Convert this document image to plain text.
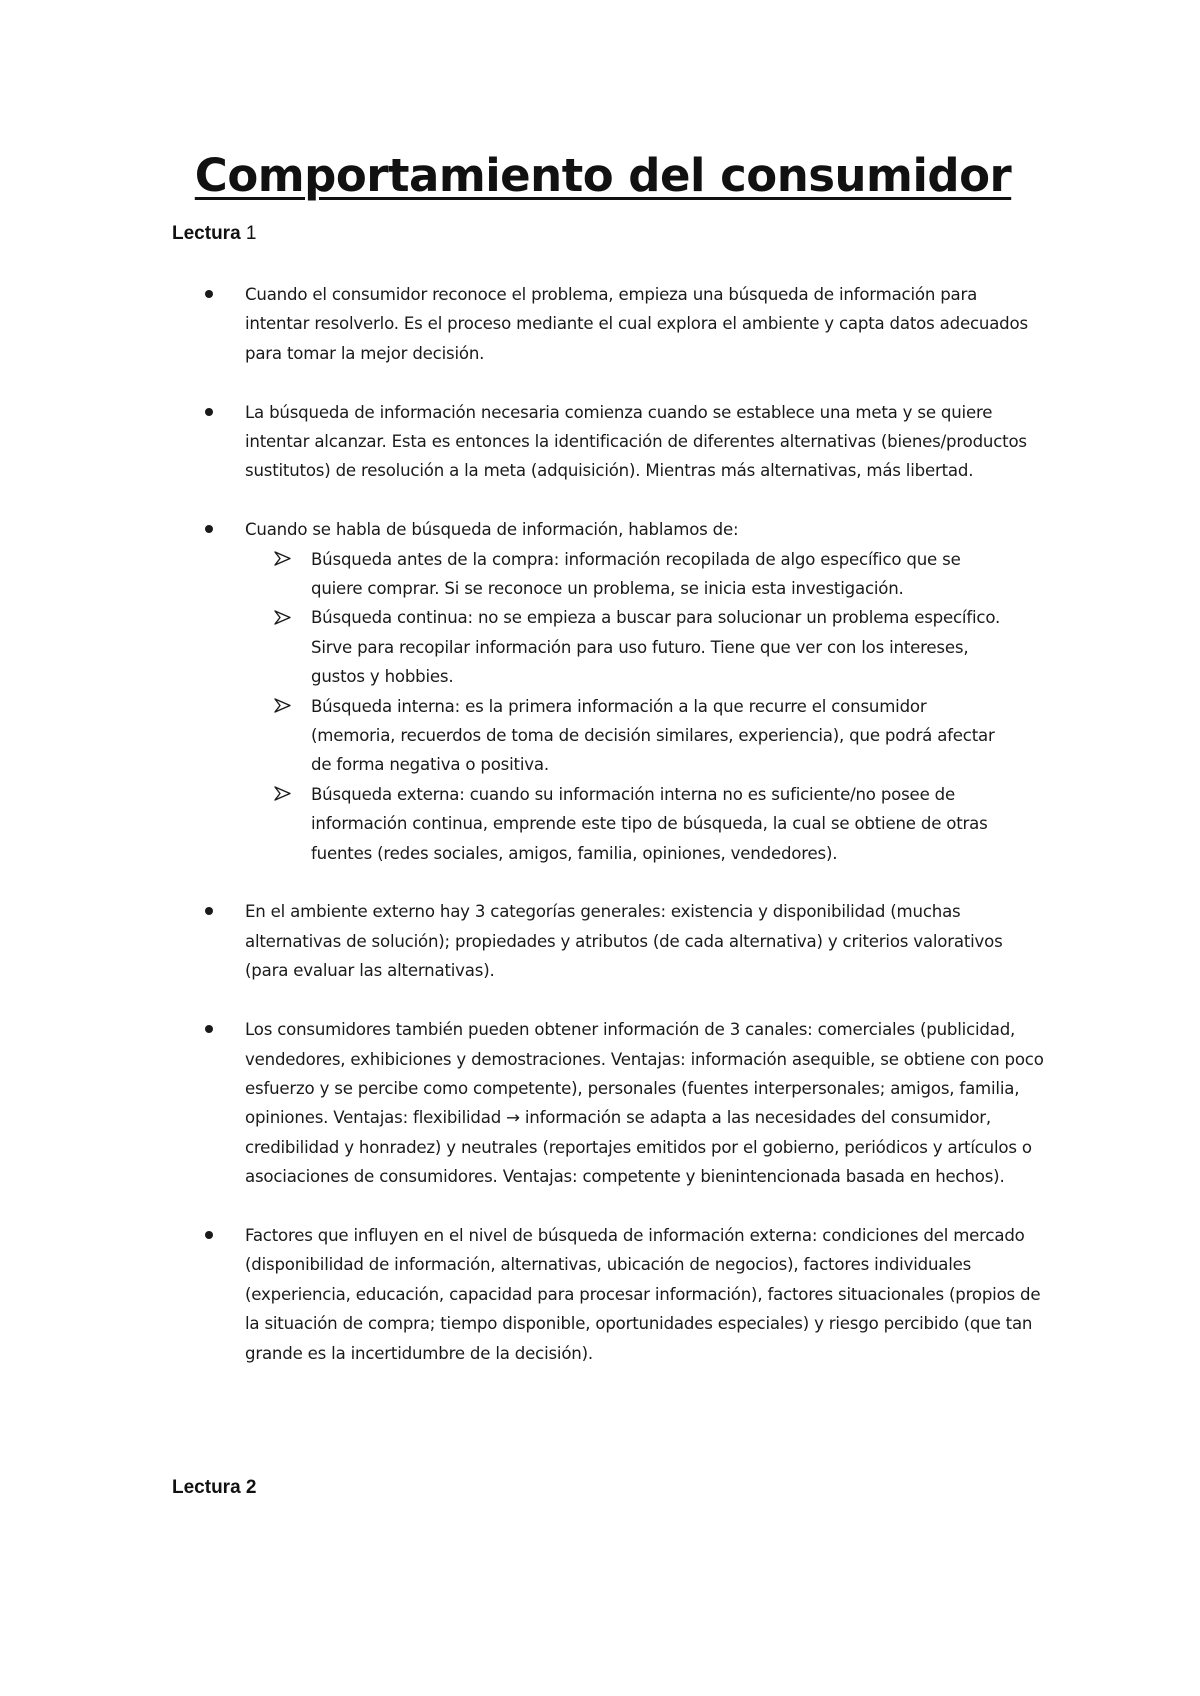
Comportamiento del consumidor
Lectura 1
Cuando el consumidor reconoce el problema, empieza una búsqueda de información para intentar resolverlo. Es el proceso mediante el cual explora el ambiente y capta datos adecuados para tomar la mejor decisión.
La búsqueda de información necesaria comienza cuando se establece una meta y se quiere intentar alcanzar. Esta es entonces la identificación de diferentes alternativas (bienes/productos sustitutos) de resolución a la meta (adquisición). Mientras más alternativas, más libertad.
Cuando se habla de búsqueda de información, hablamos de:
Búsqueda antes de la compra: información recopilada de algo específico que se quiere comprar. Si se reconoce un problema, se inicia esta investigación.
Búsqueda continua: no se empieza a buscar para solucionar un problema específico. Sirve para recopilar información para uso futuro. Tiene que ver con los intereses, gustos y hobbies.
Búsqueda interna: es la primera información a la que recurre el consumidor (memoria, recuerdos de toma de decisión similares, experiencia), que podrá afectar de forma negativa o positiva.
Búsqueda externa: cuando su información interna no es suficiente/no posee de información continua, emprende este tipo de búsqueda, la cual se obtiene de otras fuentes (redes sociales, amigos, familia, opiniones, vendedores).
En el ambiente externo hay 3 categorías generales: existencia y disponibilidad (muchas alternativas de solución); propiedades y atributos (de cada alternativa) y criterios valorativos (para evaluar las alternativas).
Los consumidores también pueden obtener información de 3 canales: comerciales (publicidad, vendedores, exhibiciones y demostraciones. Ventajas: información asequible, se obtiene con poco esfuerzo y se percibe como competente), personales (fuentes interpersonales; amigos, familia, opiniones. Ventajas: flexibilidad → información se adapta a las necesidades del consumidor, credibilidad y honradez) y neutrales (reportajes emitidos por el gobierno, periódicos y artículos o asociaciones de consumidores. Ventajas: competente y bienintencionada basada en hechos).
Factores que influyen en el nivel de búsqueda de información externa: condiciones del mercado (disponibilidad de información, alternativas, ubicación de negocios), factores individuales (experiencia, educación, capacidad para procesar información), factores situacionales (propios de la situación de compra; tiempo disponible, oportunidades especiales) y riesgo percibido (que tan grande es la incertidumbre de la decisión).
Lectura 2
